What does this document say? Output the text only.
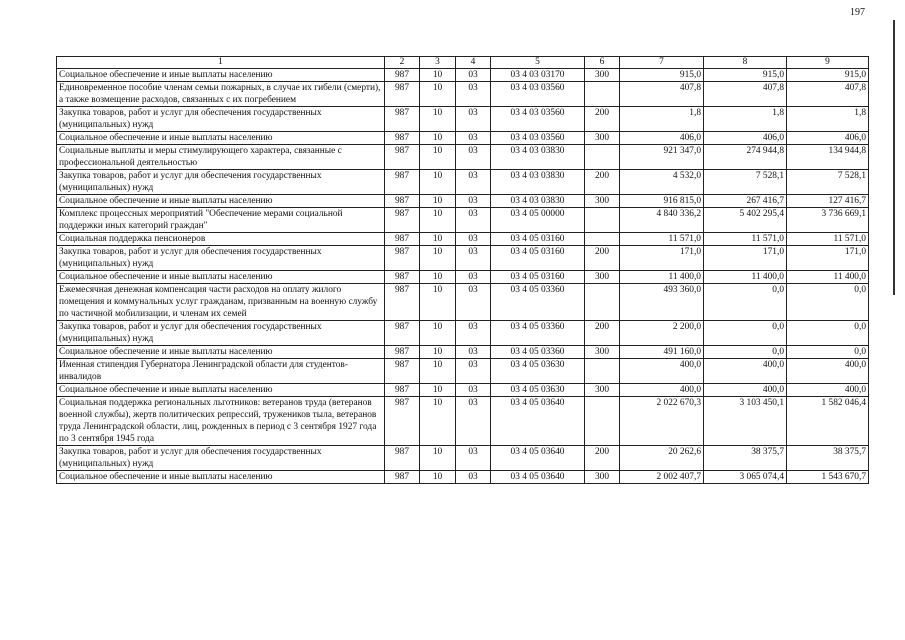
197
1	2	3	4	5	6	7	8	9
Социальное обеспечение и иные выплаты населению	987	10	03	03 4 03 03170	300	915,0	915,0	915,0
Единовременное пособие членам семьи пожарных, в случае их гибели (смерти), а также возмещение расходов, связанных с их погребением	987	10	03	03 4 03 03560		407,8	407,8	407,8
Закупка товаров, работ и услуг для обеспечения государственных (муниципальных) нужд	987	10	03	03 4 03 03560	200	1,8	1,8	1,8
Социальное обеспечение и иные выплаты населению	987	10	03	03 4 03 03560	300	406,0	406,0	406,0
Социальные выплаты и меры стимулирующего характера, связанные с профессиональной деятельностью	987	10	03	03 4 03 03830		921 347,0	274 944,8	134 944,8
Закупка товаров, работ и услуг для обеспечения государственных (муниципальных) нужд	987	10	03	03 4 03 03830	200	4 532,0	7 528,1	7 528,1
Социальное обеспечение и иные выплаты населению	987	10	03	03 4 03 03830	300	916 815,0	267 416,7	127 416,7
Комплекс процессных мероприятий "Обеспечение мерами социальной поддержки иных категорий граждан"	987	10	03	03 4 05 00000		4 840 336,2	5 402 295,4	3 736 669,1
Социальная поддержка пенсионеров	987	10	03	03 4 05 03160		11 571,0	11 571,0	11 571,0
Закупка товаров, работ и услуг для обеспечения государственных (муниципальных) нужд	987	10	03	03 4 05 03160	200	171,0	171,0	171,0
Социальное обеспечение и иные выплаты населению	987	10	03	03 4 05 03160	300	11 400,0	11 400,0	11 400,0
Ежемесячная денежная компенсация части расходов на оплату жилого помещения и коммунальных услуг гражданам, призванным на военную службу по частичной мобилизации, и членам их семей	987	10	03	03 4 05 03360		493 360,0	0,0	0,0
Закупка товаров, работ и услуг для обеспечения государственных (муниципальных) нужд	987	10	03	03 4 05 03360	200	2 200,0	0,0	0,0
Социальное обеспечение и иные выплаты населению	987	10	03	03 4 05 03360	300	491 160,0	0,0	0,0
Именная стипендия Губернатора Ленинградской области для студентов-инвалидов	987	10	03	03 4 05 03630		400,0	400,0	400,0
Социальное обеспечение и иные выплаты населению	987	10	03	03 4 05 03630	300	400,0	400,0	400,0
Социальная поддержка региональных льготников: ветеранов труда (ветеранов военной службы), жертв политических репрессий, тружеников тыла, ветеранов труда Ленинградской области, лиц, рожденных в период с 3 сентября 1927 года по 3 сентября 1945 года	987	10	03	03 4 05 03640		2 022 670,3	3 103 450,1	1 582 046,4
Закупка товаров, работ и услуг для обеспечения государственных (муниципальных) нужд	987	10	03	03 4 05 03640	200	20 262,6	38 375,7	38 375,7
Социальное обеспечение и иные выплаты населению	987	10	03	03 4 05 03640	300	2 002 407,7	3 065 074,4	1 543 670,7
